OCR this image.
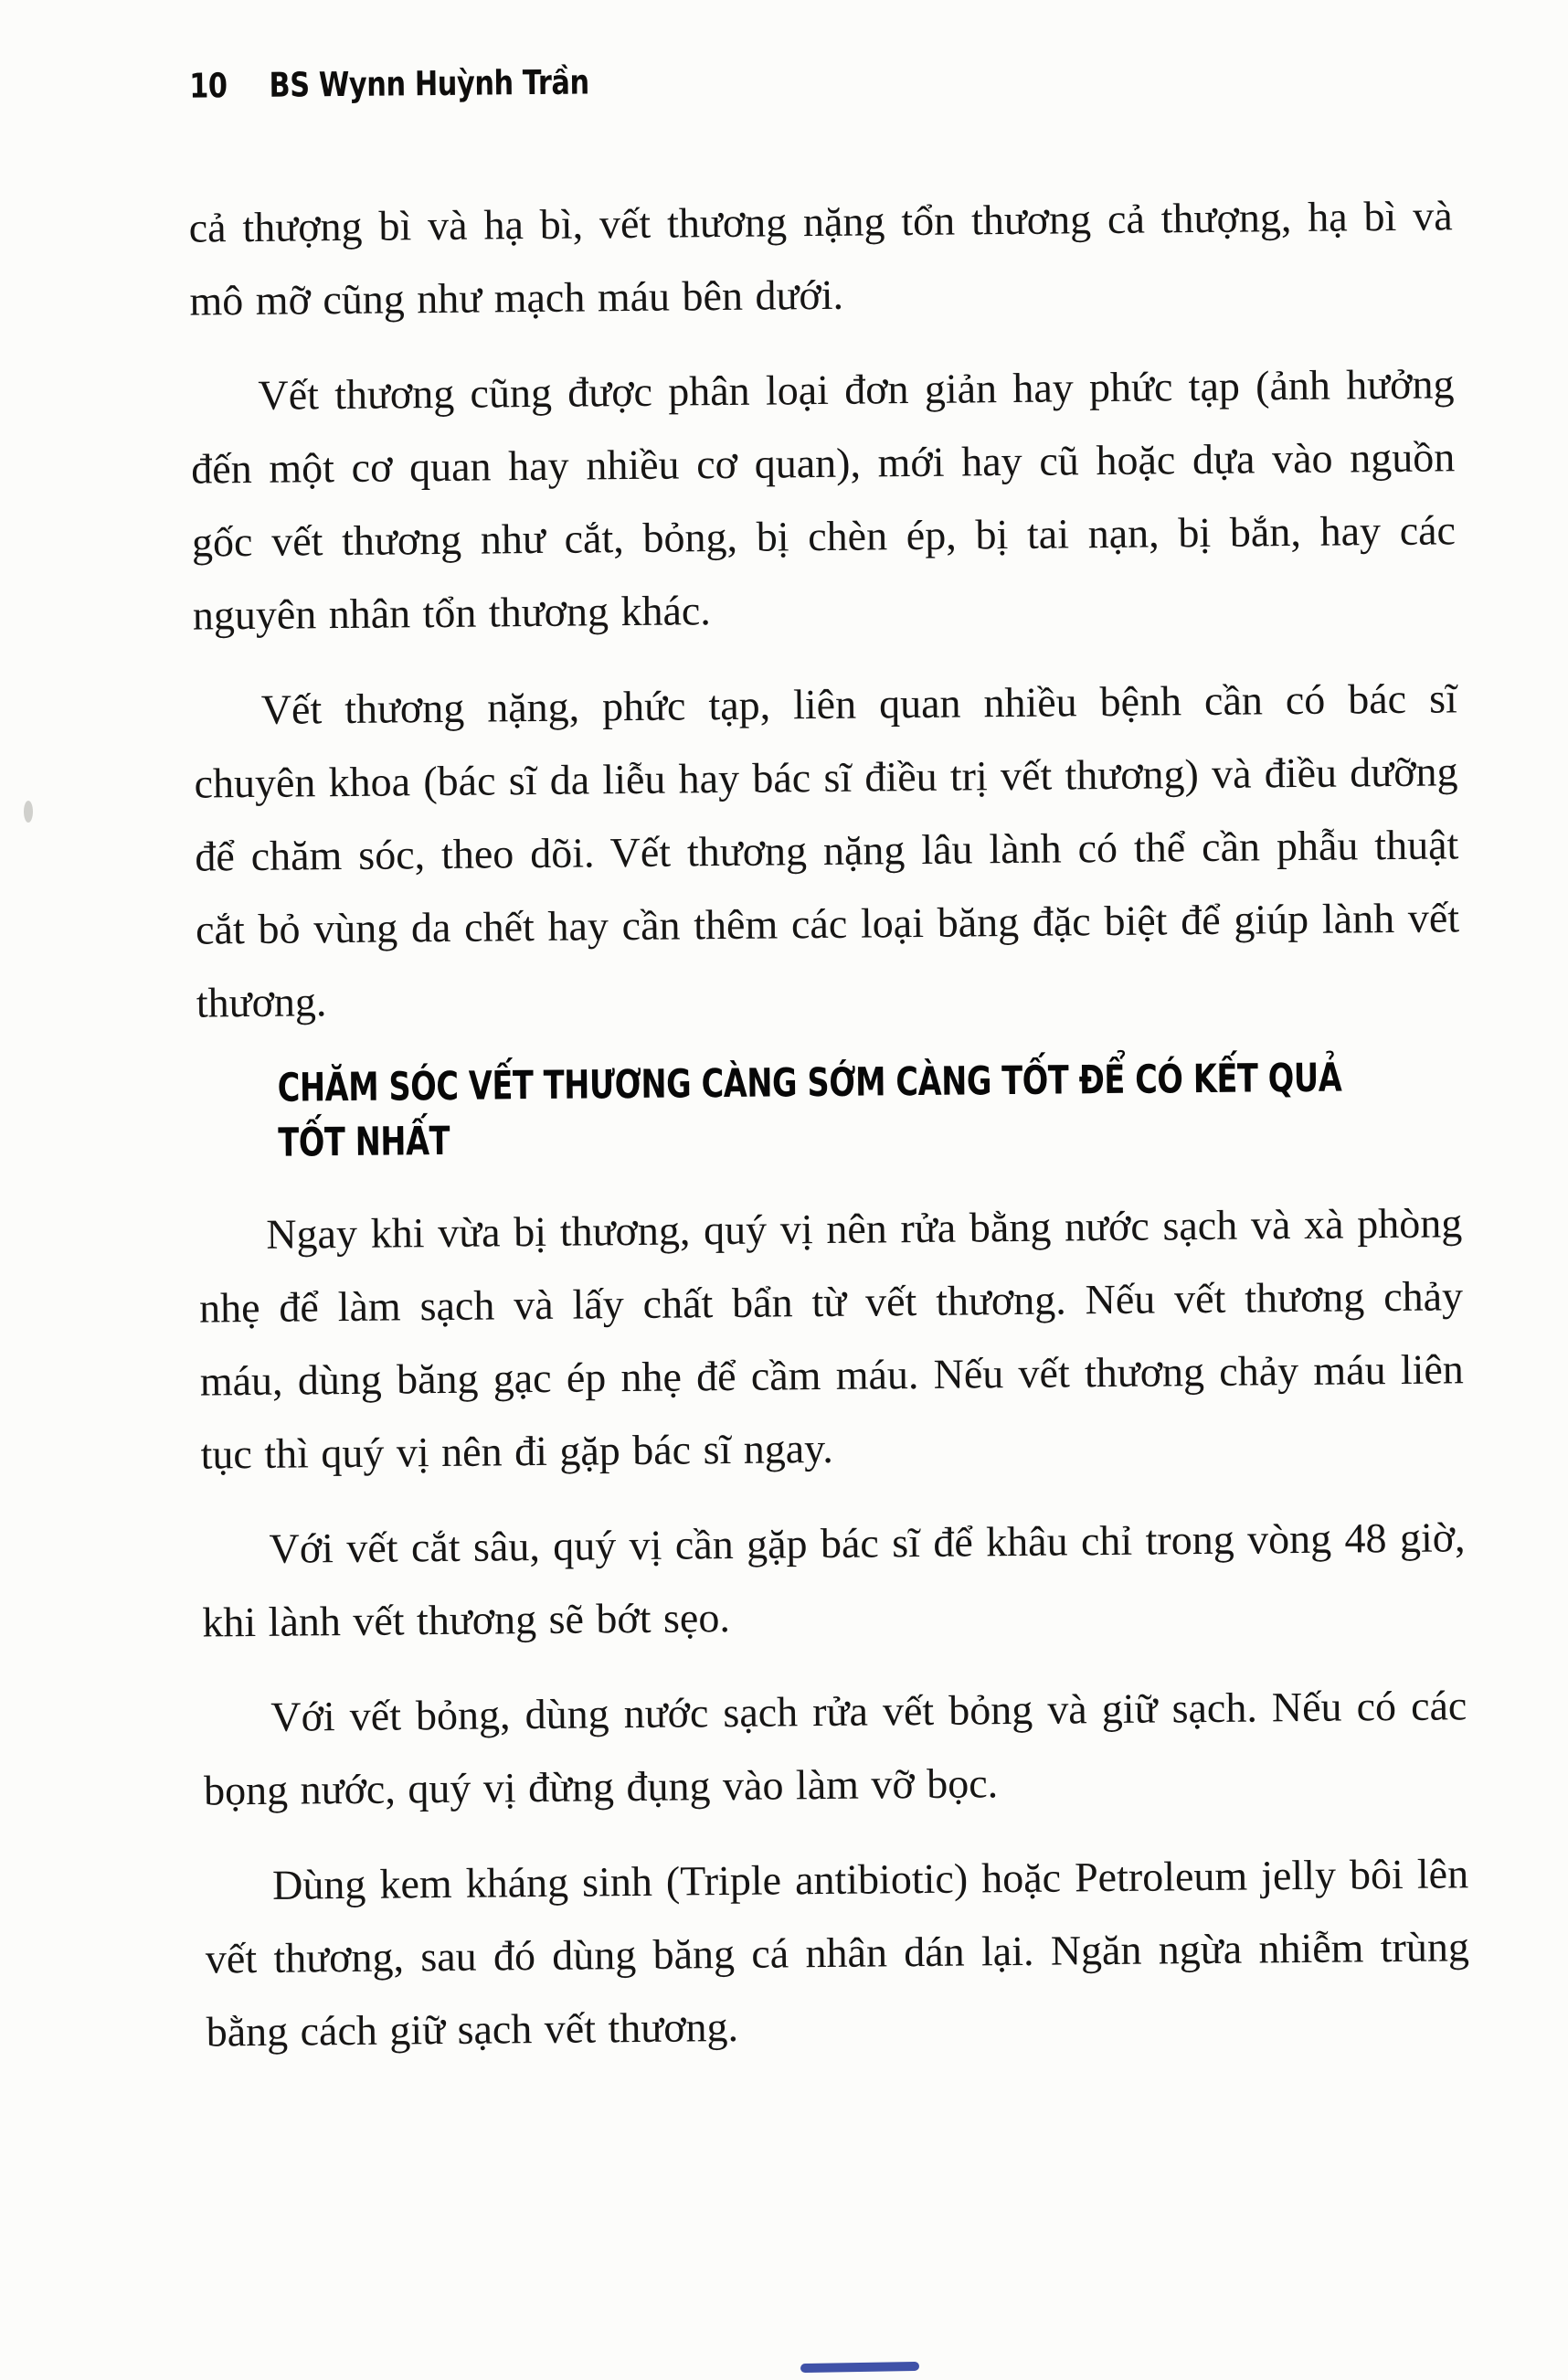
10 BS Wynn Huỳnh Trần

cả thượng bì và hạ bì, vết thương nặng tổn thương cả thượng, hạ bì và mô mỡ cũng như mạch máu bên dưới.

Vết thương cũng được phân loại đơn giản hay phức tạp (ảnh hưởng đến một cơ quan hay nhiều cơ quan), mới hay cũ hoặc dựa vào nguồn gốc vết thương như cắt, bỏng, bị chèn ép, bị tai nạn, bị bắn, hay các nguyên nhân tổn thương khác.

Vết thương nặng, phức tạp, liên quan nhiều bệnh cần có bác sĩ chuyên khoa (bác sĩ da liễu hay bác sĩ điều trị vết thương) và điều dưỡng để chăm sóc, theo dõi. Vết thương nặng lâu lành có thể cần phẫu thuật cắt bỏ vùng da chết hay cần thêm các loại băng đặc biệt để giúp lành vết thương.

CHĂM SÓC VẾT THƯƠNG CÀNG SỚM CÀNG TỐT ĐỂ CÓ KẾT QUẢ
TỐT NHẤT

Ngay khi vừa bị thương, quý vị nên rửa bằng nước sạch và xà phòng nhẹ để làm sạch và lấy chất bẩn từ vết thương. Nếu vết thương chảy máu, dùng băng gạc ép nhẹ để cầm máu. Nếu vết thương chảy máu liên tục thì quý vị nên đi gặp bác sĩ ngay.

Với vết cắt sâu, quý vị cần gặp bác sĩ để khâu chỉ trong vòng 48 giờ, khi lành vết thương sẽ bớt sẹo.

Với vết bỏng, dùng nước sạch rửa vết bỏng và giữ sạch. Nếu có các bọng nước, quý vị đừng đụng vào làm vỡ bọc.

Dùng kem kháng sinh (Triple antibiotic) hoặc Petroleum jelly bôi lên vết thương, sau đó dùng băng cá nhân dán lại. Ngăn ngừa nhiễm trùng bằng cách giữ sạch vết thương.
